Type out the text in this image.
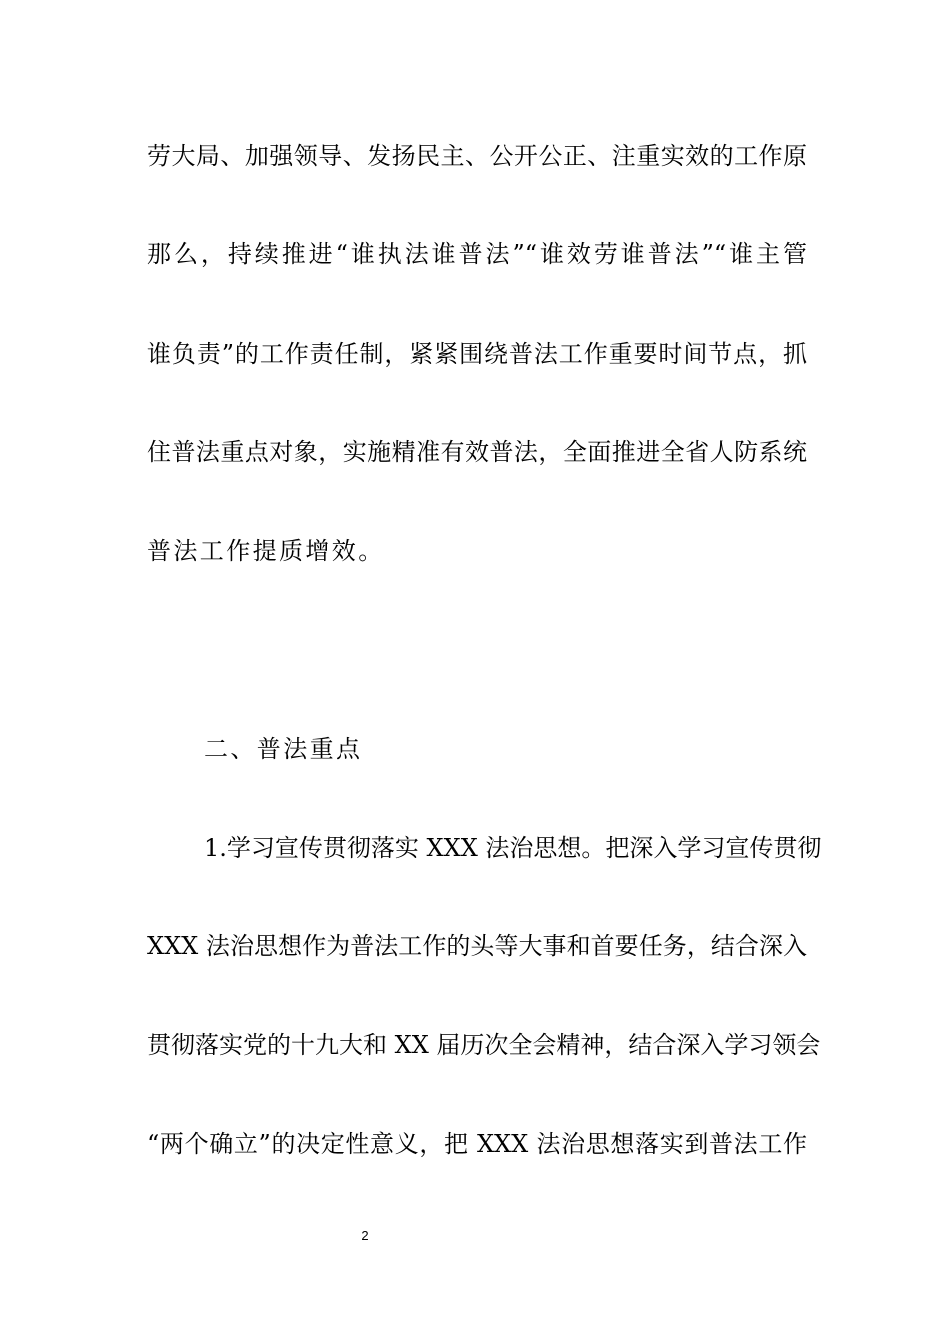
劳大局、加强领导、发扬民主、公开公正、注重实效的工作原
那么，持续推进“谁执法谁普法”“谁效劳谁普法”“谁主管
谁负责”的工作责任制，紧紧围绕普法工作重要时间节点，抓
住普法重点对象，实施精准有效普法，全面推进全省人防系统
普法工作提质增效。
二、普法重点
1.学习宣传贯彻落实 XXX 法治思想。把深入学习宣传贯彻
XXX 法治思想作为普法工作的头等大事和首要任务，结合深入
贯彻落实党的十九大和 XX 届历次全会精神，结合深入学习领会
“两个确立”的决定性意义，把 XXX 法治思想落实到普法工作
2
